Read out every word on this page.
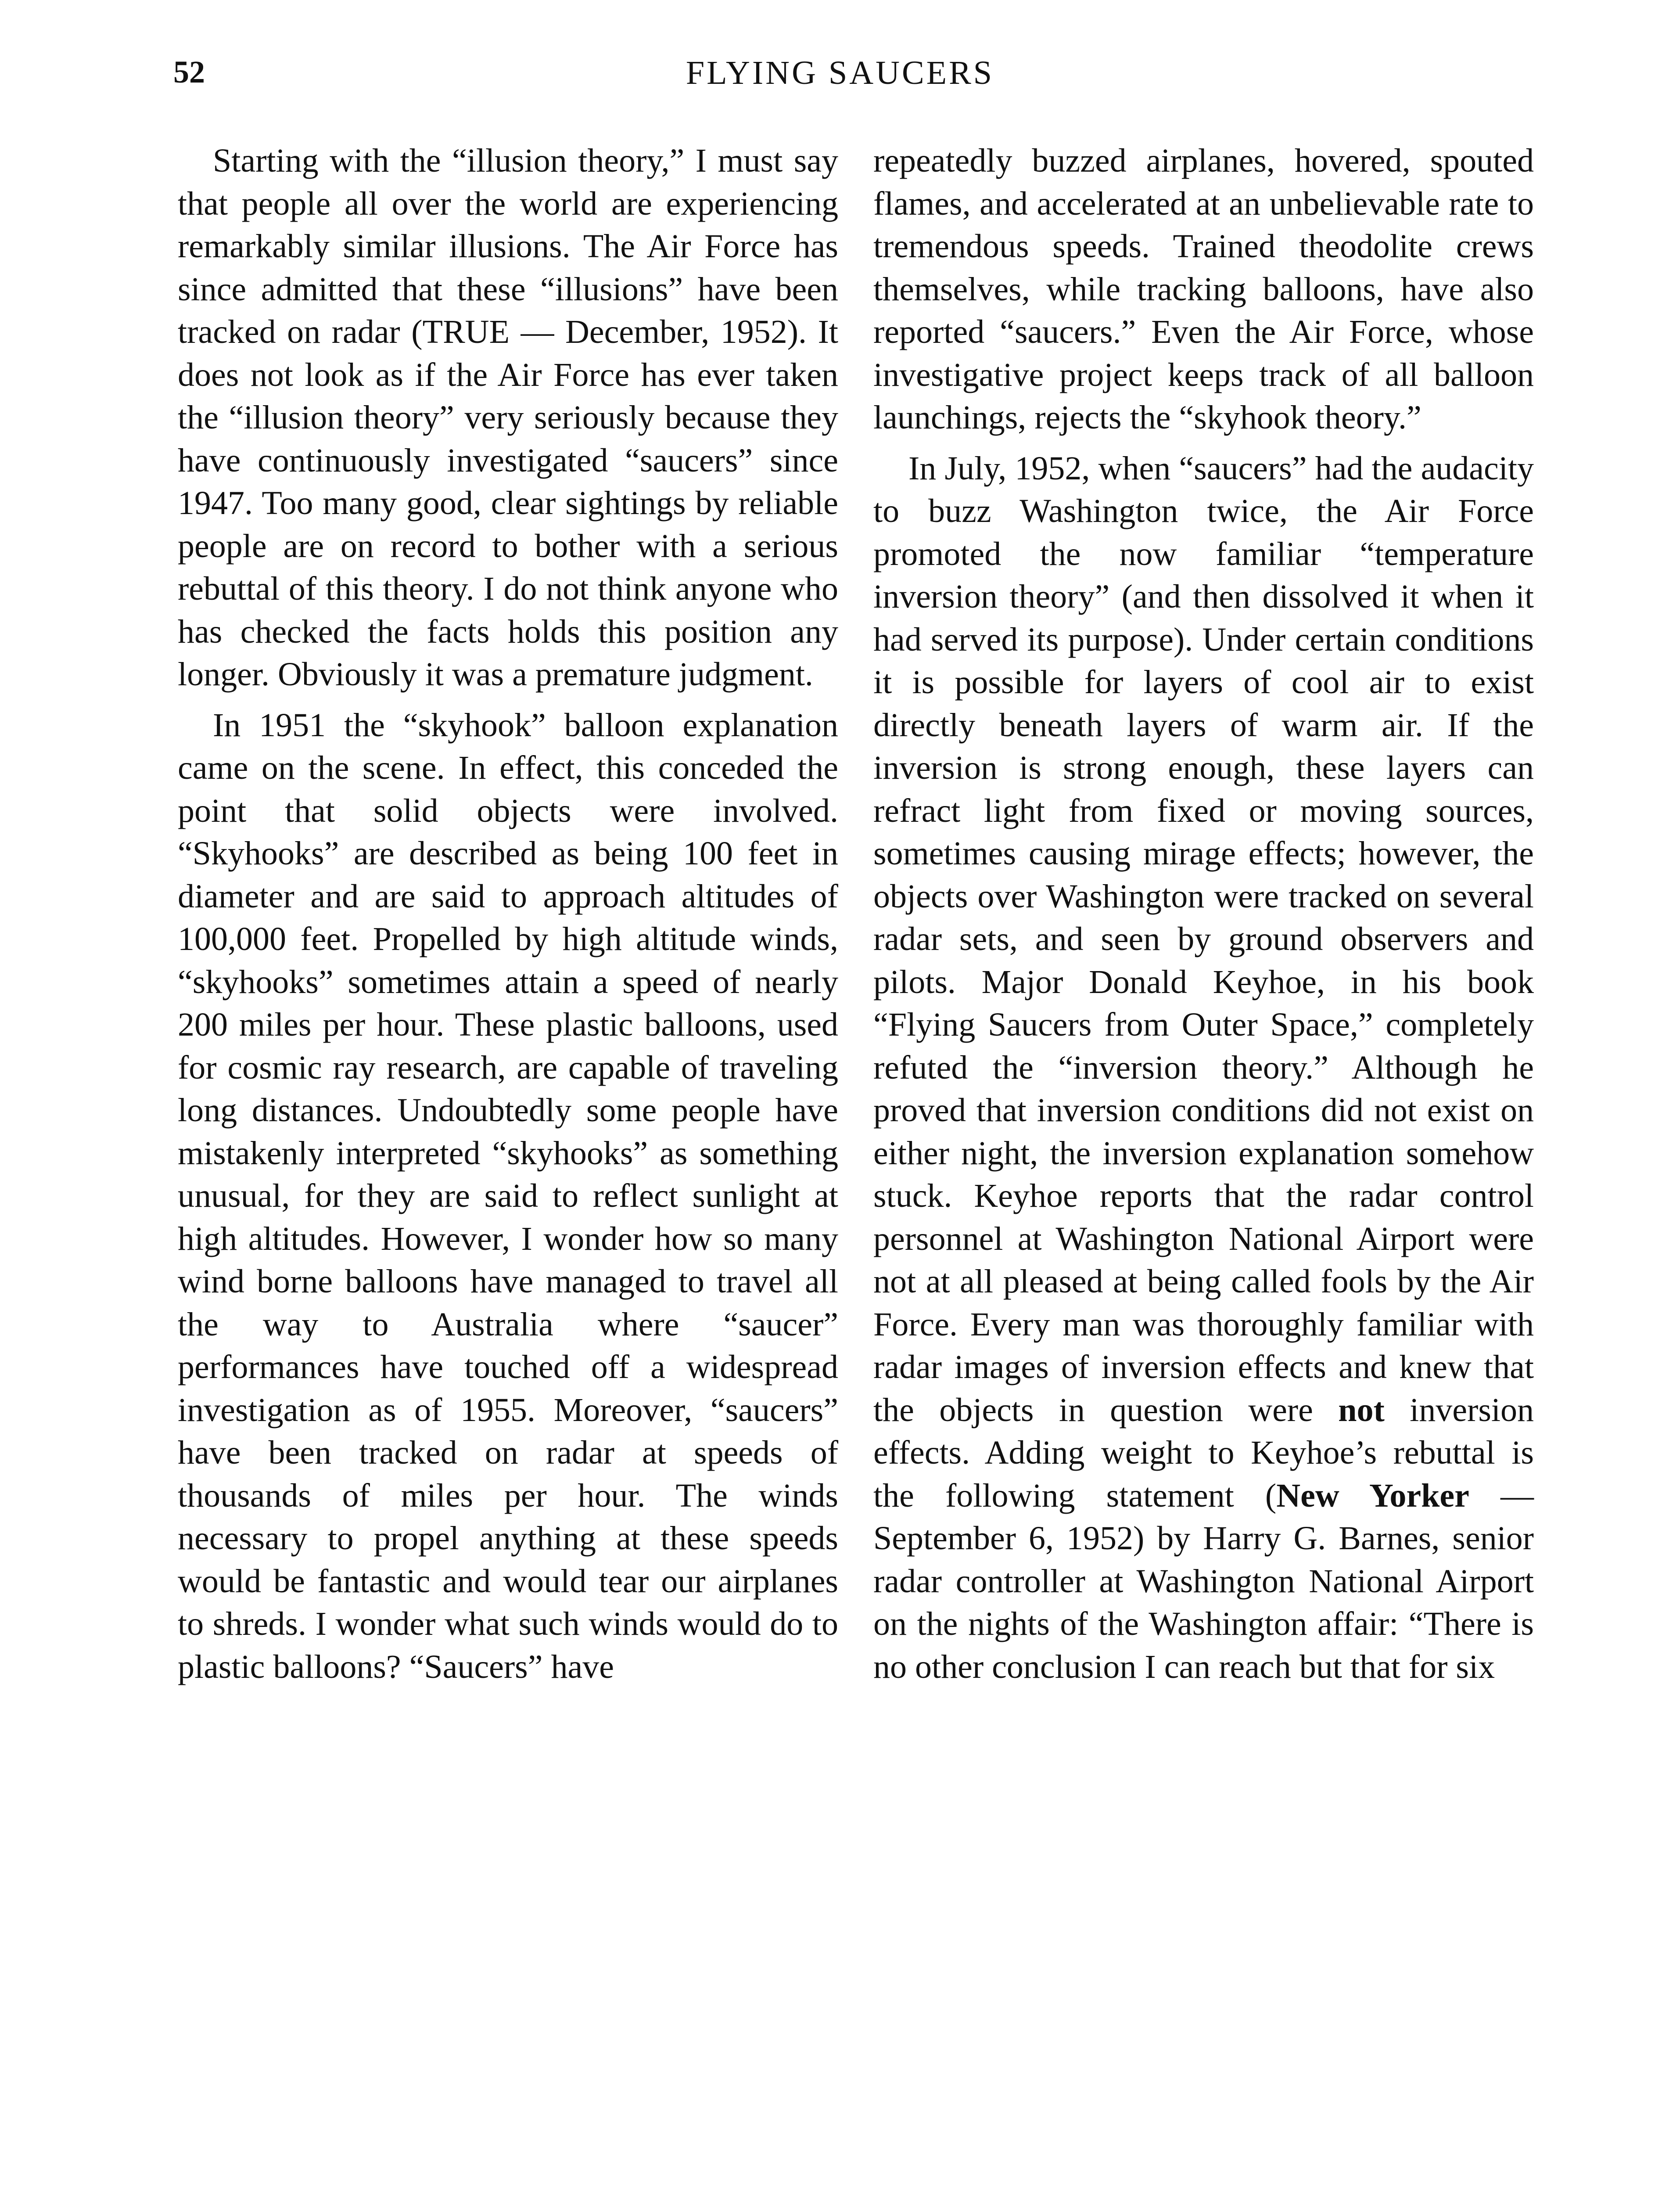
52	FLYING SAUCERS

Starting with the “illusion theory,” I must say that people all over the world are experiencing remarkably similar illusions. The Air Force has since admitted that these “illusions” have been tracked on radar (TRUE — December, 1952). It does not look as if the Air Force has ever taken the “illusion theory” very seriously because they have continuously investigated “saucers” since 1947. Too many good, clear sightings by reliable people are on record to bother with a serious rebuttal of this theory. I do not think anyone who has checked the facts holds this position any longer. Obviously it was a premature judgment.

In 1951 the “skyhook” balloon explanation came on the scene. In effect, this conceded the point that solid objects were involved. “Skyhooks” are described as being 100 feet in diameter and are said to approach altitudes of 100,000 feet. Propelled by high altitude winds, “skyhooks” sometimes attain a speed of nearly 200 miles per hour. These plastic balloons, used for cosmic ray research, are capable of traveling long distances. Undoubtedly some people have mistakenly interpreted “skyhooks” as something unusual, for they are said to reflect sunlight at high altitudes. However, I wonder how so many wind borne balloons have managed to travel all the way to Australia where “saucer” performances have touched off a widespread investigation as of 1955. Moreover, “saucers” have been tracked on radar at speeds of thousands of miles per hour. The winds necessary to propel anything at these speeds would be fantastic and would tear our airplanes to shreds. I wonder what such winds would do to plastic balloons? “Saucers” have

repeatedly buzzed airplanes, hovered, spouted flames, and accelerated at an unbelievable rate to tremendous speeds. Trained theodolite crews themselves, while tracking balloons, have also reported “saucers.” Even the Air Force, whose investigative project keeps track of all balloon launchings, rejects the “skyhook theory.”

In July, 1952, when “saucers” had the audacity to buzz Washington twice, the Air Force promoted the now familiar “temperature inversion theory” (and then dissolved it when it had served its purpose). Under certain conditions it is possible for layers of cool air to exist directly beneath layers of warm air. If the inversion is strong enough, these layers can refract light from fixed or moving sources, sometimes causing mirage effects; however, the objects over Washington were tracked on several radar sets, and seen by ground observers and pilots. Major Donald Keyhoe, in his book “Flying Saucers from Outer Space,” completely refuted the “inversion theory.” Although he proved that inversion conditions did not exist on either night, the inversion explanation somehow stuck. Keyhoe reports that the radar control personnel at Washington National Airport were not at all pleased at being called fools by the Air Force. Every man was thoroughly familiar with radar images of inversion effects and knew that the objects in question were not inversion effects. Adding weight to Keyhoe’s rebuttal is the following statement (New Yorker — September 6, 1952) by Harry G. Barnes, senior radar controller at Washington National Airport on the nights of the Washington affair: “There is no other conclusion I can reach but that for six
